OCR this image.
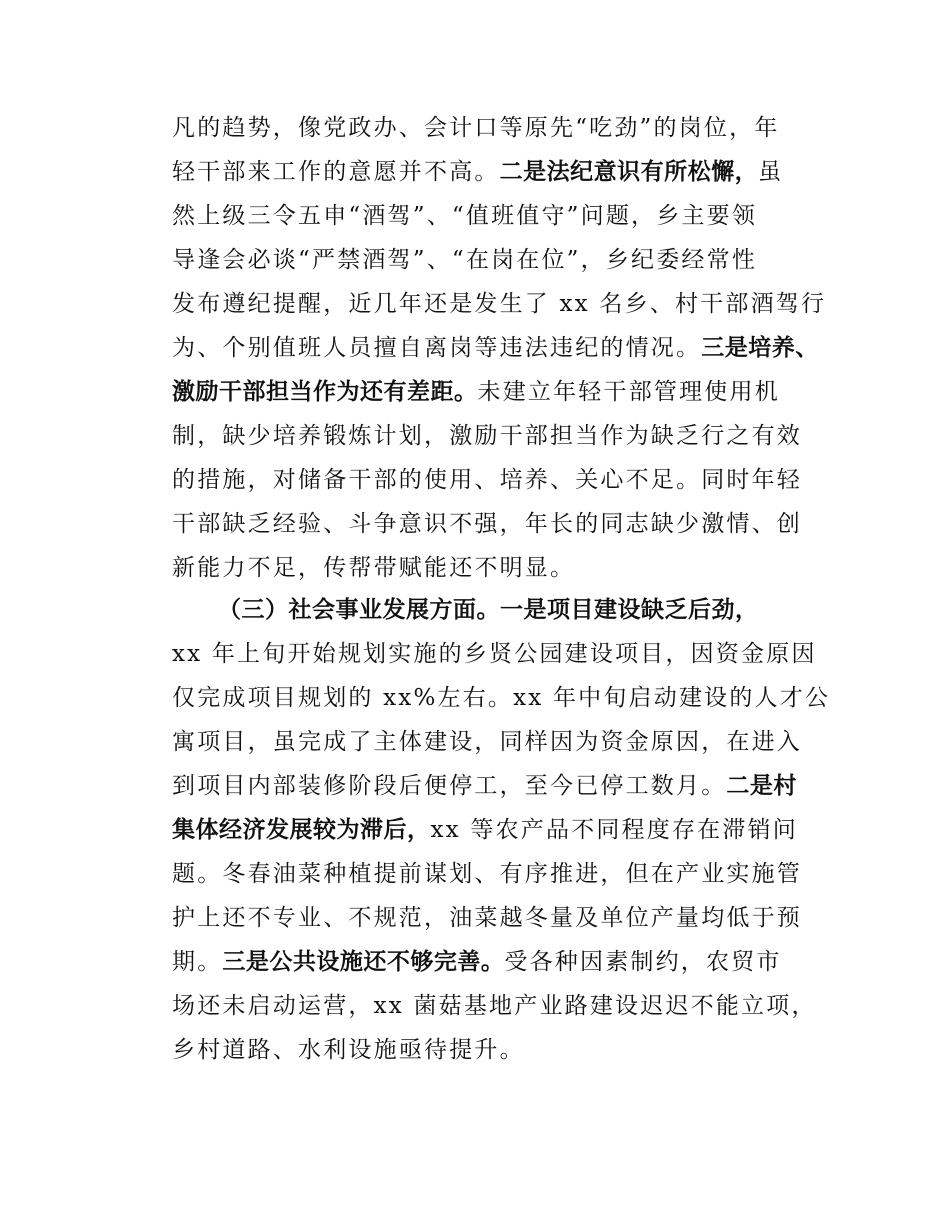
凡的趋势，像党政办、会计口等原先“吃劲”的岗位，年
轻干部来工作的意愿并不高。二是法纪意识有所松懈，虽
然上级三令五申“酒驾”、“值班值守”问题，乡主要领
导逢会必谈“严禁酒驾”、“在岗在位”，乡纪委经常性
发布遵纪提醒，近几年还是发生了 xx 名乡、村干部酒驾行
为、个别值班人员擅自离岗等违法违纪的情况。三是培养、
激励干部担当作为还有差距。未建立年轻干部管理使用机
制，缺少培养锻炼计划，激励干部担当作为缺乏行之有效
的措施，对储备干部的使用、培养、关心不足。同时年轻
干部缺乏经验、斗争意识不强，年长的同志缺少激情、创
新能力不足，传帮带赋能还不明显。
（三）社会事业发展方面。一是项目建设缺乏后劲，
xx 年上旬开始规划实施的乡贤公园建设项目，因资金原因
仅完成项目规划的 xx%左右。xx 年中旬启动建设的人才公
寓项目，虽完成了主体建设，同样因为资金原因，在进入
到项目内部装修阶段后便停工，至今已停工数月。二是村
集体经济发展较为滞后，xx 等农产品不同程度存在滞销问
题。冬春油菜种植提前谋划、有序推进，但在产业实施管
护上还不专业、不规范，油菜越冬量及单位产量均低于预
期。三是公共设施还不够完善。受各种因素制约，农贸市
场还未启动运营，xx 菌菇基地产业路建设迟迟不能立项，
乡村道路、水利设施亟待提升。
